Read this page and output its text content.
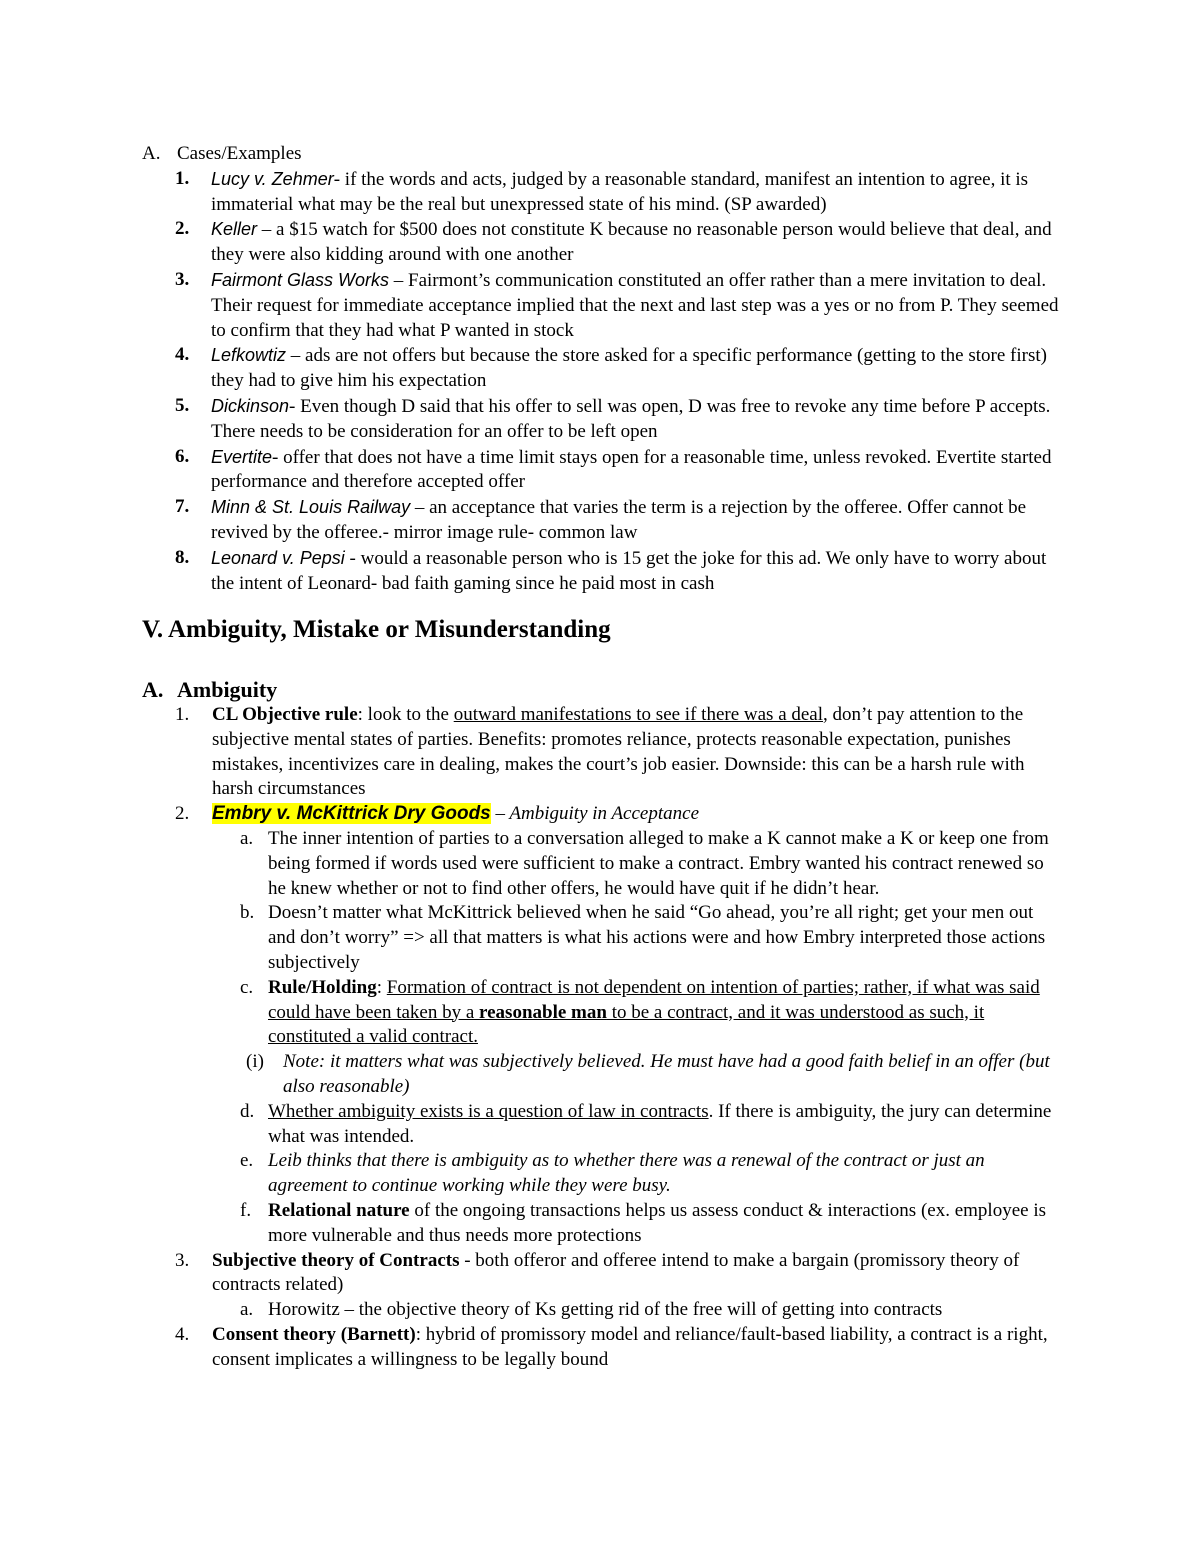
A. Cases/Examples
1. Lucy v. Zehmer- if the words and acts, judged by a reasonable standard, manifest an intention to agree, it is immaterial what may be the real but unexpressed state of his mind. (SP awarded)
2. Keller – a $15 watch for $500 does not constitute K because no reasonable person would believe that deal, and they were also kidding around with one another
3. Fairmont Glass Works – Fairmont’s communication constituted an offer rather than a mere invitation to deal. Their request for immediate acceptance implied that the next and last step was a yes or no from P. They seemed to confirm that they had what P wanted in stock
4. Lefkowtiz – ads are not offers but because the store asked for a specific performance (getting to the store first) they had to give him his expectation
5. Dickinson- Even though D said that his offer to sell was open, D was free to revoke any time before P accepts. There needs to be consideration for an offer to be left open
6. Evertite- offer that does not have a time limit stays open for a reasonable time, unless revoked. Evertite started performance and therefore accepted offer
7. Minn & St. Louis Railway – an acceptance that varies the term is a rejection by the offeree. Offer cannot be revived by the offeree.- mirror image rule- common law
8. Leonard v. Pepsi - would a reasonable person who is 15 get the joke for this ad. We only have to worry about the intent of Leonard- bad faith gaming since he paid most in cash
V. Ambiguity, Mistake or Misunderstanding
A. Ambiguity
1. CL Objective rule: look to the outward manifestations to see if there was a deal, don’t pay attention to the subjective mental states of parties. Benefits: promotes reliance, protects reasonable expectation, punishes mistakes, incentivizes care in dealing, makes the court’s job easier. Downside: this can be a harsh rule with harsh circumstances
2. Embry v. McKittrick Dry Goods – Ambiguity in Acceptance
a. The inner intention of parties to a conversation alleged to make a K cannot make a K or keep one from being formed if words used were sufficient to make a contract. Embry wanted his contract renewed so he knew whether or not to find other offers, he would have quit if he didn’t hear.
b. Doesn’t matter what McKittrick believed when he said “Go ahead, you’re all right; get your men out and don’t worry” => all that matters is what his actions were and how Embry interpreted those actions subjectively
c. Rule/Holding: Formation of contract is not dependent on intention of parties; rather, if what was said could have been taken by a reasonable man to be a contract, and it was understood as such, it constituted a valid contract.
(i) Note: it matters what was subjectively believed. He must have had a good faith belief in an offer (but also reasonable)
d. Whether ambiguity exists is a question of law in contracts. If there is ambiguity, the jury can determine what was intended.
e. Leib thinks that there is ambiguity as to whether there was a renewal of the contract or just an agreement to continue working while they were busy.
f. Relational nature of the ongoing transactions helps us assess conduct & interactions (ex. employee is more vulnerable and thus needs more protections
3. Subjective theory of Contracts - both offeror and offeree intend to make a bargain (promissory theory of contracts related)
a. Horowitz – the objective theory of Ks getting rid of the free will of getting into contracts
4. Consent theory (Barnett): hybrid of promissory model and reliance/fault-based liability, a contract is a right, consent implicates a willingness to be legally bound
